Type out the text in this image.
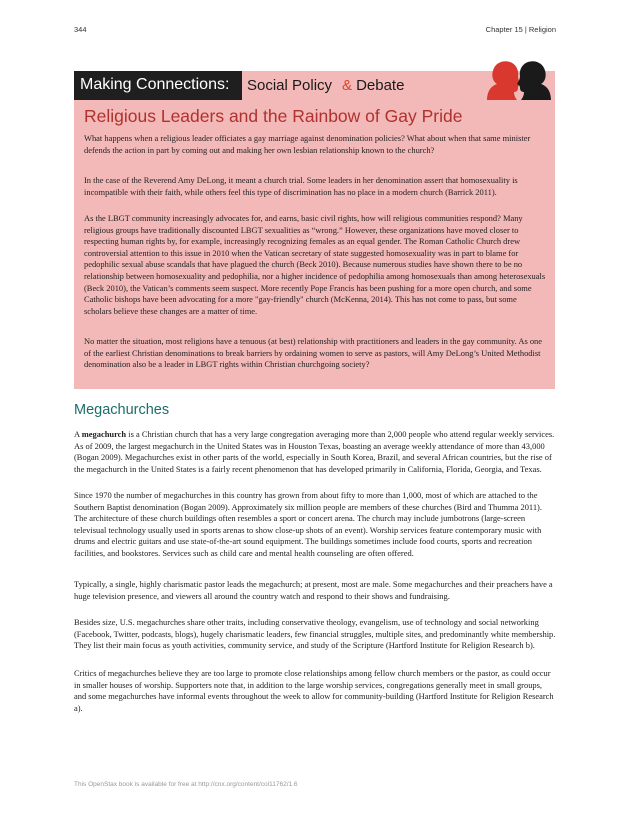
344	Chapter 15 | Religion
Making Connections: Social Policy & Debate
Religious Leaders and the Rainbow of Gay Pride

What happens when a religious leader officiates a gay marriage against denomination policies? What about when that same minister defends the action in part by coming out and making her own lesbian relationship known to the church?

In the case of the Reverend Amy DeLong, it meant a church trial. Some leaders in her denomination assert that homosexuality is incompatible with their faith, while others feel this type of discrimination has no place in a modern church (Barrick 2011).

As the LBGT community increasingly advocates for, and earns, basic civil rights, how will religious communities respond? Many religious groups have traditionally discounted LBGT sexualities as “wrong.” However, these organizations have moved closer to respecting human rights by, for example, increasingly recognizing females as an equal gender. The Roman Catholic Church drew controversial attention to this issue in 2010 when the Vatican secretary of state suggested homosexuality was in part to blame for pedophilic sexual abuse scandals that have plagued the church (Beck 2010). Because numerous studies have shown there to be no relationship between homosexuality and pedophilia, nor a higher incidence of pedophilia among homosexuals than among heterosexuals (Beck 2010), the Vatican’s comments seem suspect. More recently Pope Francis has been pushing for a more open church, and some Catholic bishops have been advocating for a more "gay-friendly" church (McKenna, 2014). This has not come to pass, but some scholars believe these changes are a matter of time.

No matter the situation, most religions have a tenuous (at best) relationship with practitioners and leaders in the gay community. As one of the earliest Christian denominations to break barriers by ordaining women to serve as pastors, will Amy DeLong’s United Methodist denomination also be a leader in LBGT rights within Christian churchgoing society?

Megachurches

A megachurch is a Christian church that has a very large congregation averaging more than 2,000 people who attend regular weekly services. As of 2009, the largest megachurch in the United States was in Houston Texas, boasting an average weekly attendance of more than 43,000 (Bogan 2009). Megachurches exist in other parts of the world, especially in South Korea, Brazil, and several African countries, but the rise of the megachurch in the United States is a fairly recent phenomenon that has developed primarily in California, Florida, Georgia, and Texas.

Since 1970 the number of megachurches in this country has grown from about fifty to more than 1,000, most of which are attached to the Southern Baptist denomination (Bogan 2009). Approximately six million people are members of these churches (Bird and Thumma 2011). The architecture of these church buildings often resembles a sport or concert arena. The church may include jumbotrons (large-screen televisual technology usually used in sports arenas to show close-up shots of an event). Worship services feature contemporary music with drums and electric guitars and use state-of-the-art sound equipment. The buildings sometimes include food courts, sports and recreation facilities, and bookstores. Services such as child care and mental health counseling are often offered.

Typically, a single, highly charismatic pastor leads the megachurch; at present, most are male. Some megachurches and their preachers have a huge television presence, and viewers all around the country watch and respond to their shows and fundraising.

Besides size, U.S. megachurches share other traits, including conservative theology, evangelism, use of technology and social networking (Facebook, Twitter, podcasts, blogs), hugely charismatic leaders, few financial struggles, multiple sites, and predominantly white membership. They list their main focus as youth activities, community service, and study of the Scripture (Hartford Institute for Religion Research b).

Critics of megachurches believe they are too large to promote close relationships among fellow church members or the pastor, as could occur in smaller houses of worship. Supporters note that, in addition to the large worship services, congregations generally meet in small groups, and some megachurches have informal events throughout the week to allow for community-building (Hartford Institute for Religion Research a).

This OpenStax book is available for free at http://cnx.org/content/col11762/1.6
